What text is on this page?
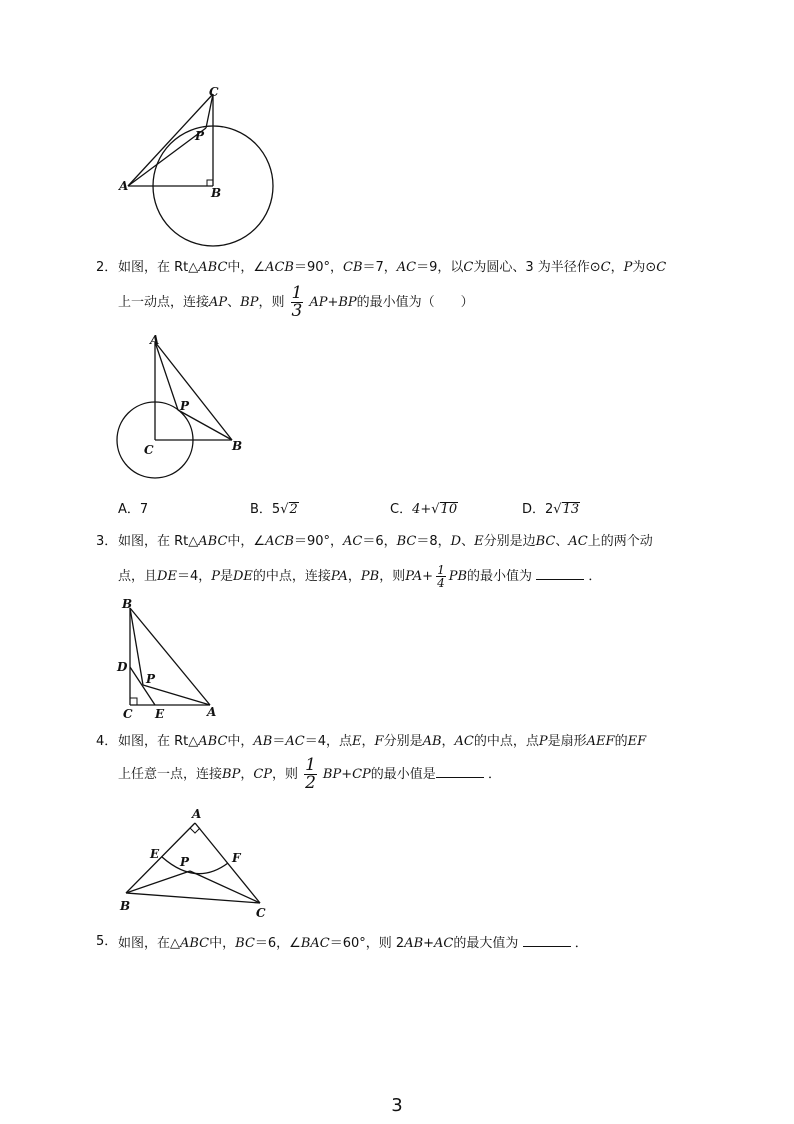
C
P
A	B
2． 如图，在 Rt△ABC中，∠ACB＝90°，CB＝7，AC＝9，以C为圆心、3 为半径作⊙C，P为⊙C
上一动点，连接AP、BP，则 $\frac{1}{3} AP+BP$的最小值为（　　）
A
P
C	B
A．7	B．5√2	C．4+√10	D．2√13
3． 如图，在 Rt△ABC中，∠ACB＝90°，AC＝6，BC＝8，D、E分别是边BC、AC上的两个动
点，且DE＝4，P是DE的中点，连接PA，PB，则$PA+ \frac{1}{4}$ PB的最小值为	．
B
D
P
C E	A
4． 如图，在 Rt△ABC中，AB＝AC＝4，点E，F分别是AB，AC的中点，点P是扇形AEF的EF
上任意一点，连接BP，CP，则 $\frac{1}{2} BP+CP$的最小值是	．
A
E
P	F
B	C
5． 如图，在△ABC中，BC＝6，∠BAC＝60°，则 2AB+AC的最大值为	．
3
